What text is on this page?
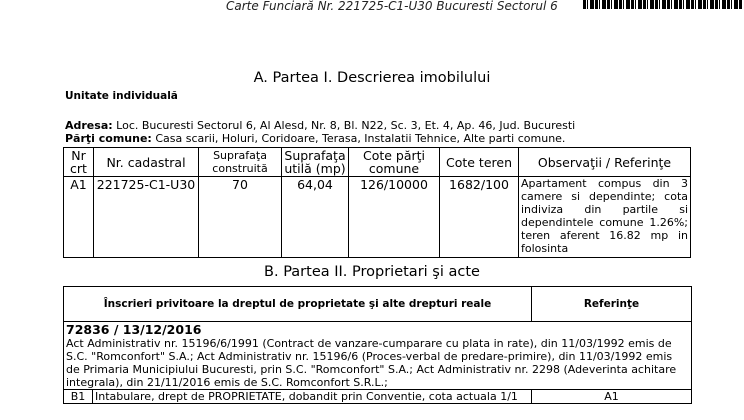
Carte Funciară Nr. 221725-C1-U30 Bucuresti Sectorul 6
A. Partea I. Descrierea imobilului
Unitate individuală
Adresa: Loc. Bucuresti Sectorul 6, Al Alesd, Nr. 8, Bl. N22, Sc. 3, Et. 4, Ap. 46, Jud. Bucuresti
Părţi comune: Casa scarii, Holuri, Coridoare, Terasa, Instalatii Tehnice, Alte parti comune.
Nr crt	Nr. cadastral	Suprafaţa construită	Suprafaţa utilă (mp)	Cote părţi comune	Cote teren	Observaţii / Referinţe
A1	221725-C1-U30	70	64,04	126/10000	1682/100	Apartament compus din 3 camere si dependinte; cota indiviza din partile si dependintele comune 1.26%; teren aferent 16.82 mp in folosinta
B. Partea II. Proprietari şi acte
Înscrieri privitoare la dreptul de proprietate şi alte drepturi reale		Referinţe
72836 / 13/12/2016		
Act Administrativ nr. 15196/6/1991 (Contract de vanzare-cumparare cu plata in rate), din 11/03/1992 emis de S.C. "Romconfort" S.A.; Act Administrativ nr. 15196/6 (Proces-verbal de predare-primire), din 11/03/1992 emis de Primaria Municipiului Bucuresti, prin S.C. "Romconfort" S.A.; Act Administrativ nr. 2298 (Adeverinta achitare integrala), din 21/11/2016 emis de S.C. Romconfort S.R.L.;		
B1	Intabulare, drept de PROPRIETATE, dobandit prin Conventie, cota actuala 1/1	A1
